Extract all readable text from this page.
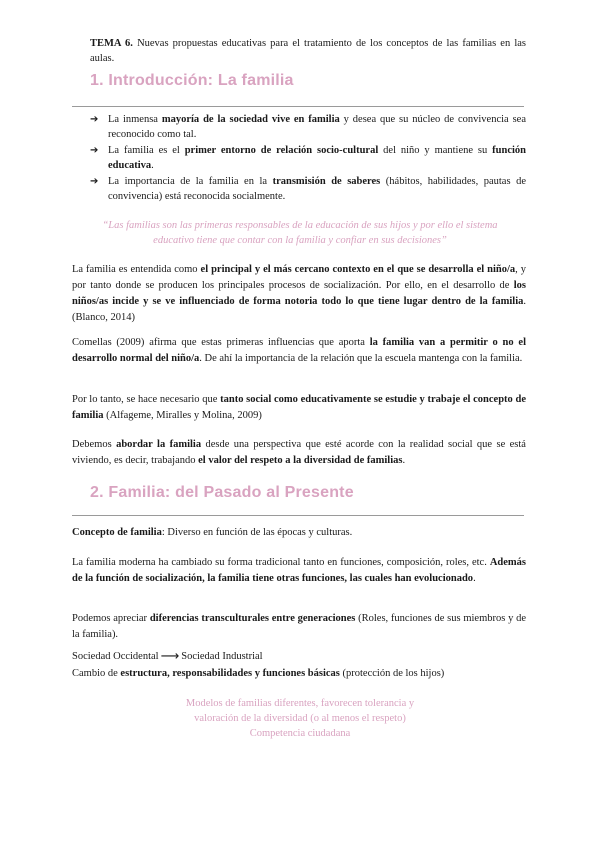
TEMA 6. Nuevas propuestas educativas para el tratamiento de los conceptos de las familias en las aulas.
1. Introducción: La familia
➔ La inmensa mayoría de la sociedad vive en familia y desea que su núcleo de convivencia sea reconocido como tal.
➔ La familia es el primer entorno de relación socio-cultural del niño y mantiene su función educativa.
➔ La importancia de la familia en la transmisión de saberes (hábitos, habilidades, pautas de convivencia) está reconocida socialmente.
“Las familias son las primeras responsables de la educación de sus hijos y por ello el sistema educativo tiene que contar con la familia y confiar en sus decisiones”

La familia es entendida como el principal y el más cercano contexto en el que se desarrolla el niño/a, y por tanto donde se producen los principales procesos de socialización. Por ello, en el desarrollo de los niños/as incide y se ve influenciado de forma notoria todo lo que tiene lugar dentro de la familia. (Blanco, 2014)

Comellas (2009) afirma que estas primeras influencias que aporta la familia van a permitir o no el desarrollo normal del niño/a. De ahí la importancia de la relación que la escuela mantenga con la familia.

Por lo tanto, se hace necesario que tanto social como educativamente se estudie y trabaje el concepto de familia (Alfageme, Miralles y Molina, 2009)

Debemos abordar la familia desde una perspectiva que esté acorde con la realidad social que se está viviendo, es decir, trabajando el valor del respeto a la diversidad de familias.

2. Familia: del Pasado al Presente

Concepto de familia: Diverso en función de las épocas y culturas.

La familia moderna ha cambiado su forma tradicional tanto en funciones, composición, roles, etc. Además de la función de socialización, la familia tiene otras funciones, las cuales han evolucionado.

Podemos apreciar diferencias transculturales entre generaciones (Roles, funciones de sus miembros y de la familia).

Sociedad Occidental ⟶ Sociedad Industrial

Cambio de estructura, responsabilidades y funciones básicas (protección de los hijos)

Modelos de familias diferentes, favorecen tolerancia y
valoración de la diversidad (o al menos el respeto)
Competencia ciudadana
